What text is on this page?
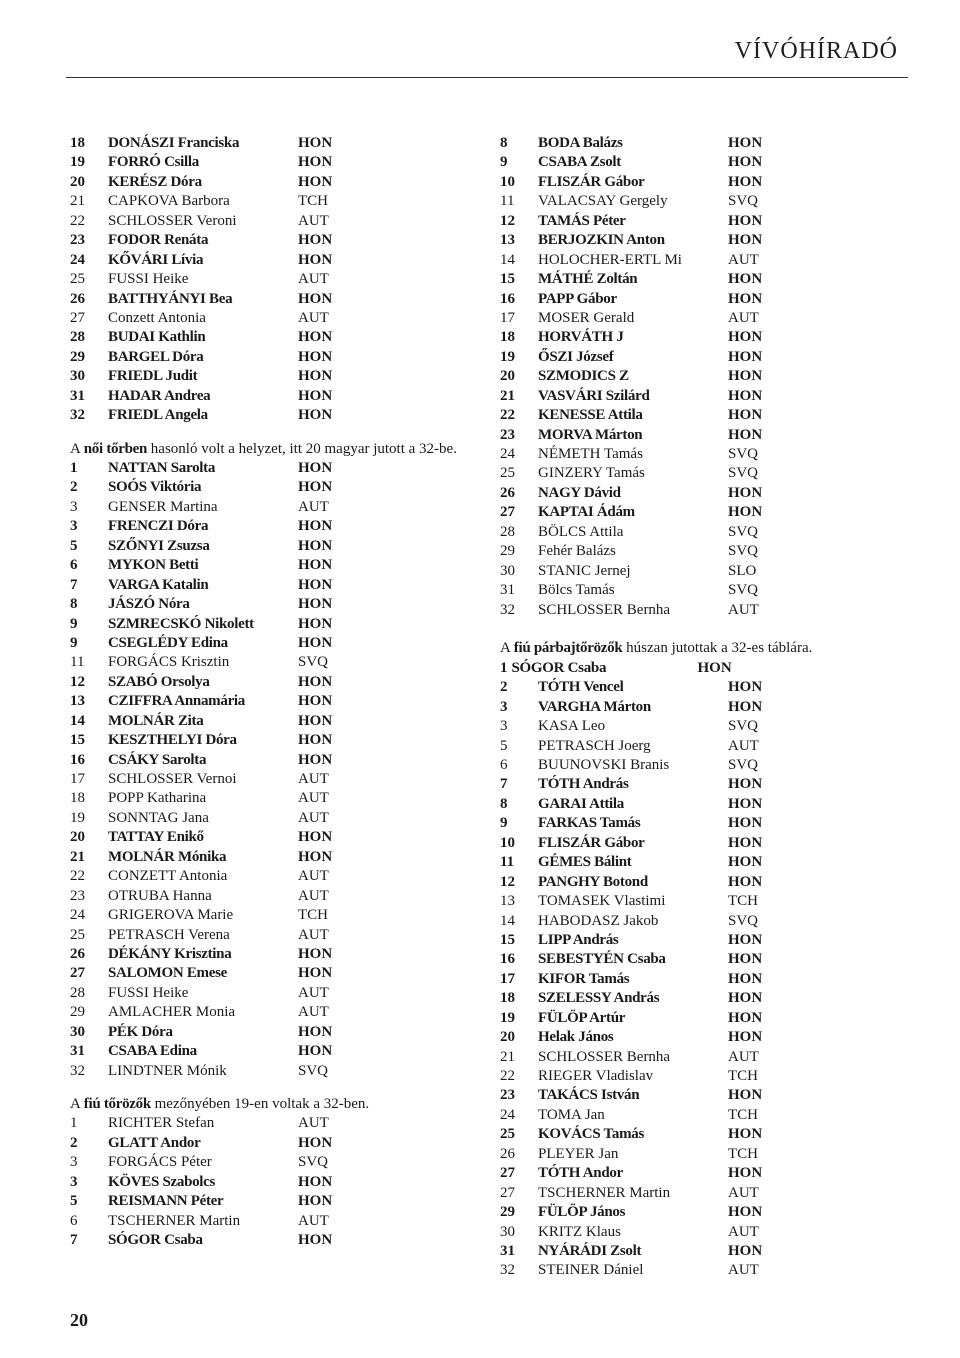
VÍVÓHÍRADÓ
18	DONÁSZI Franciska	HON
19	FORRÓ Csilla	HON
20	KERÉSZ Dóra	HON
21	CAPKOVA Barbora	TCH
22	SCHLOSSER Veroni	AUT
23	FODOR Renáta	HON
24	KŐVÁRI Lívia	HON
25	FUSSI Heike	AUT
26	BATTHYÁNYI Bea	HON
27	Conzett Antonia	AUT
28	BUDAI Kathlin	HON
29	BARGEL Dóra	HON
30	FRIEDL Judit	HON
31	HADAR Andrea	HON
32	FRIEDL Angela	HON
A női tőrben hasonló volt a helyzet, itt 20 magyar jutott a 32-be.
1	NATTAN Sarolta	HON
2	SOÓS Viktória	HON
3	GENSER Martina	AUT
3	FRENCZI Dóra	HON
5	SZŐNYI Zsuzsa	HON
6	MYKON Betti	HON
7	VARGA Katalin	HON
8	JÁSZÓ Nóra	HON
9	SZMRECSKÓ Nikolett	HON
9	CSEGLÉDY Edina	HON
11	FORGÁCS Krisztin	SVQ
12	SZABÓ Orsolya	HON
13	CZIFFRA Annamária	HON
14	MOLNÁR Zita	HON
15	KESZTHELYI Dóra	HON
16	CSÁKY Sarolta	HON
17	SCHLOSSER Vernoi	AUT
18	POPP Katharina	AUT
19	SONNTAG Jana	AUT
20	TATTAY Enikő	HON
21	MOLNÁR Mónika	HON
22	CONZETT Antonia	AUT
23	OTRUBA Hanna	AUT
24	GRIGEROVA Marie	TCH
25	PETRASCH Verena	AUT
26	DÉKÁNY Krisztina	HON
27	SALOMON Emese	HON
28	FUSSI Heike	AUT
29	AMLACHER Monia	AUT
30	PÉK Dóra	HON
31	CSABA Edina	HON
32	LINDTNER Mónik	SVQ
A fiú tőrözők mezőnyében 19-en voltak a 32-ben.
1	RICHTER Stefan	AUT
2	GLATT Andor	HON
3	FORGÁCS Péter	SVQ
3	KÖVES Szabolcs	HON
5	REISMANN Péter	HON
6	TSCHERNER Martin	AUT
7	SÓGOR Csaba	HON
8	BODA Balázs	HON
9	CSABA Zsolt	HON
10	FLISZÁR Gábor	HON
11	VALACSAY Gergely	SVQ
12	TAMÁS Péter	HON
13	BERJOZKIN Anton	HON
14	HOLOCHER-ERTL Mi	AUT
15	MÁTHÉ Zoltán	HON
16	PAPP Gábor	HON
17	MOSER Gerald	AUT
18	HORVÁTH J	HON
19	ŐSZI József	HON
20	SZMODICS Z	HON
21	VASVÁRI Szilárd	HON
22	KENESSE Attila	HON
23	MORVA Márton	HON
24	NÉMETH Tamás	SVQ
25	GINZERY Tamás	SVQ
26	NAGY Dávid	HON
27	KAPTAI Ádám	HON
28	BÖLCS Attila	SVQ
29	Fehér Balázs	SVQ
30	STANIC Jernej	SLO
31	Bölcs Tamás	SVQ
32	SCHLOSSER Bernha	AUT
A fiú párbajtőrözők húszan jutottak a 32-es táblára.
1 SÓGOR Csaba	HON
2	TÓTH Vencel	HON
3	VARGHA Márton	HON
3	KASA Leo	SVQ
5	PETRASCH Joerg	AUT
6	BUUNOVSKI Branis	SVQ
7	TÓTH András	HON
8	GARAI Attila	HON
9	FARKAS Tamás	HON
10	FLISZÁR Gábor	HON
11	GÉMES Bálint	HON
12	PANGHY Botond	HON
13	TOMASEK Vlastimi	TCH
14	HABODASZ Jakob	SVQ
15	LIPP András	HON
16	SEBESTYÉN Csaba	HON
17	KIFOR Tamás	HON
18	SZELESSY András	HON
19	FÜLÖP Artúr	HON
20	Helak János	HON
21	SCHLOSSER Bernha	AUT
22	RIEGER Vladislav	TCH
23	TAKÁCS István	HON
24	TOMA Jan	TCH
25	KOVÁCS Tamás	HON
26	PLEYER Jan	TCH
27	TÓTH Andor	HON
27	TSCHERNER Martin	AUT
29	FÜLÖP János	HON
30	KRITZ Klaus	AUT
31	NYÁRÁDI Zsolt	HON
32	STEINER Dániel	AUT
20
